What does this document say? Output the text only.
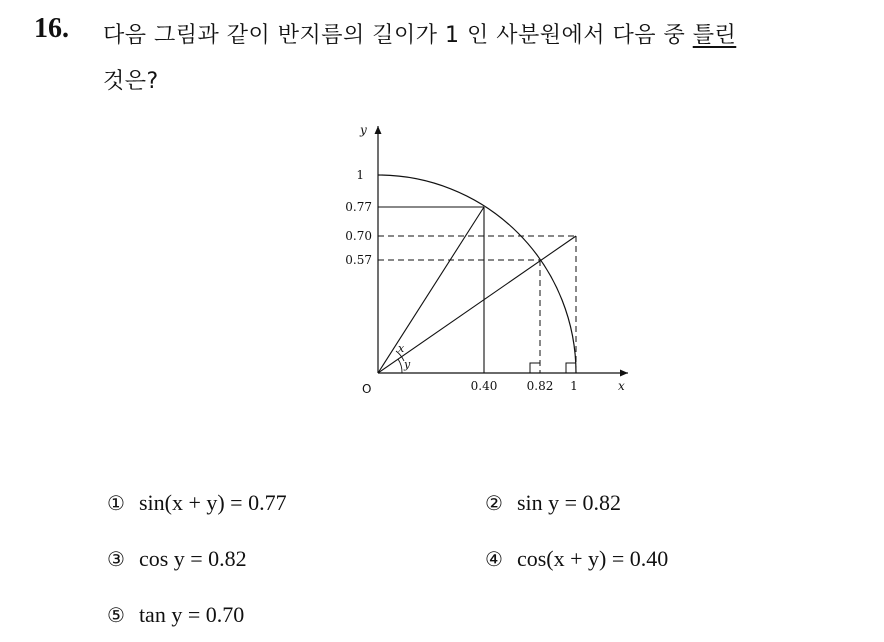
16. 다음 그림과 같이 반지름의 길이가 1 인 사분원에서 다음 중 틀린
것은?
y
x
O
1
0.77
0.70
0.57
0.40 0.82 1
x
y
① sin(x + y) = 0.77	② sin y = 0.82
③ cos y = 0.82	④ cos(x + y) = 0.40
⑤ tan y = 0.70
